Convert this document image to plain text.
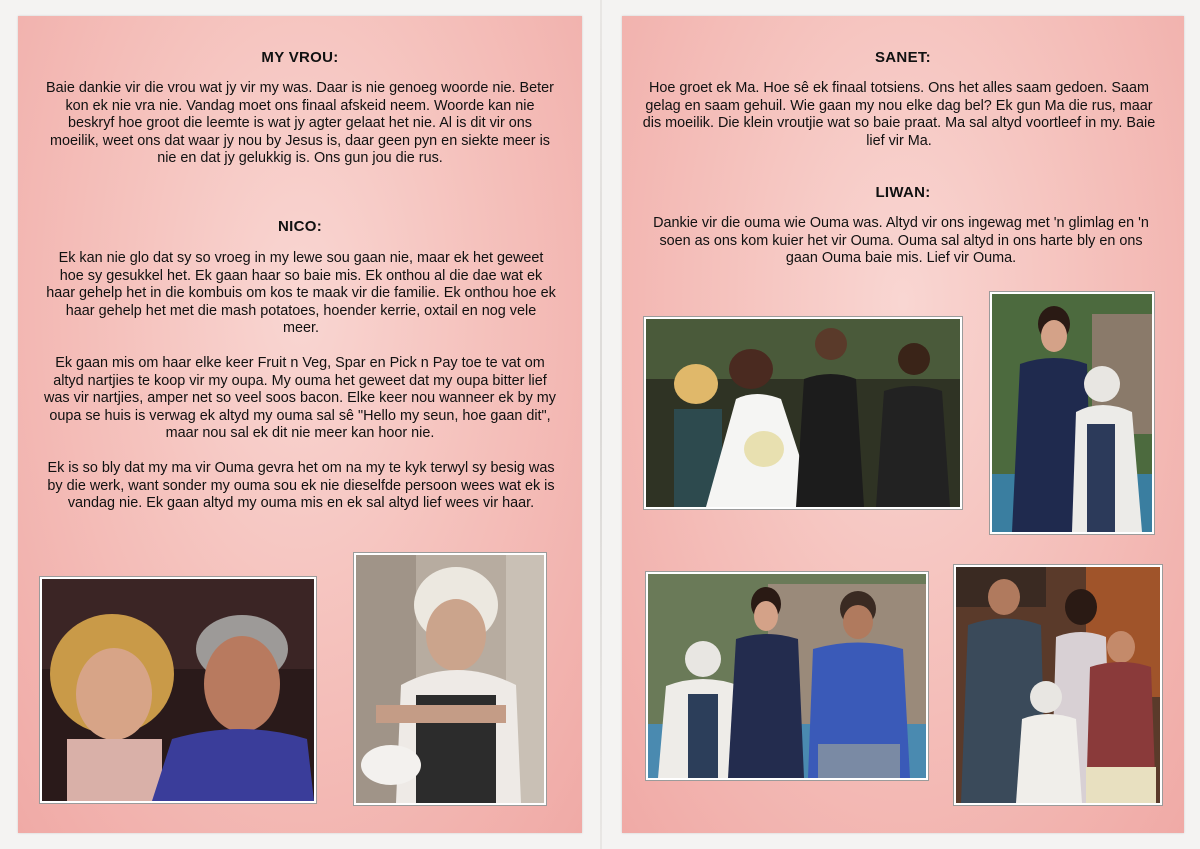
MY VROU:

Baie dankie vir die vrou wat jy vir my was. Daar is nie genoeg woorde nie. Beter kon ek nie vra nie. Vandag moet ons finaal afskeid neem. Woorde kan nie beskryf hoe groot die leemte is wat jy agter gelaat het nie. Al is dit vir ons moeilik, weet ons dat waar jy nou by Jesus is, daar geen pyn en siekte meer is nie en dat jy gelukkig is. Ons gun jou die rus.

NICO:

Ek kan nie glo dat sy so vroeg in my lewe sou gaan nie, maar ek het geweet hoe sy gesukkel het. Ek gaan haar so baie mis. Ek onthou al die dae wat ek haar gehelp het in die kombuis om kos te maak vir die familie. Ek onthou hoe ek haar gehelp het met die mash potatoes, hoender kerrie, oxtail en nog vele meer.

Ek gaan mis om haar elke keer Fruit n Veg, Spar en Pick n Pay toe te vat om altyd nartjies te koop vir my oupa. My ouma het geweet dat my oupa bitter lief was vir nartjies, amper net so veel soos bacon. Elke keer nou wanneer ek by my oupa se huis is verwag ek altyd my ouma sal sê "Hello my seun, hoe gaan dit", maar nou sal ek dit nie meer kan hoor nie.

Ek is so bly dat my ma vir Ouma gevra het om na my te kyk terwyl sy besig was by die werk, want sonder my ouma sou ek nie dieselfde persoon wees wat ek is vandag nie. Ek gaan altyd my ouma mis en ek sal altyd lief wees vir haar.

SANET:

Hoe groet ek Ma. Hoe sê ek finaal totsiens. Ons het alles saam gedoen. Saam gelag en saam gehuil. Wie gaan my nou elke dag bel? Ek gun Ma die rus, maar dis moeilik. Die klein vroutjie wat so baie praat. Ma sal altyd voortleef in my. Baie lief vir Ma.

LIWAN:

Dankie vir die ouma wie Ouma was. Altyd vir ons ingewag met 'n glimlag en 'n soen as ons kom kuier het vir Ouma. Ouma sal altyd in ons harte bly en ons gaan Ouma baie mis. Lief vir Ouma.
